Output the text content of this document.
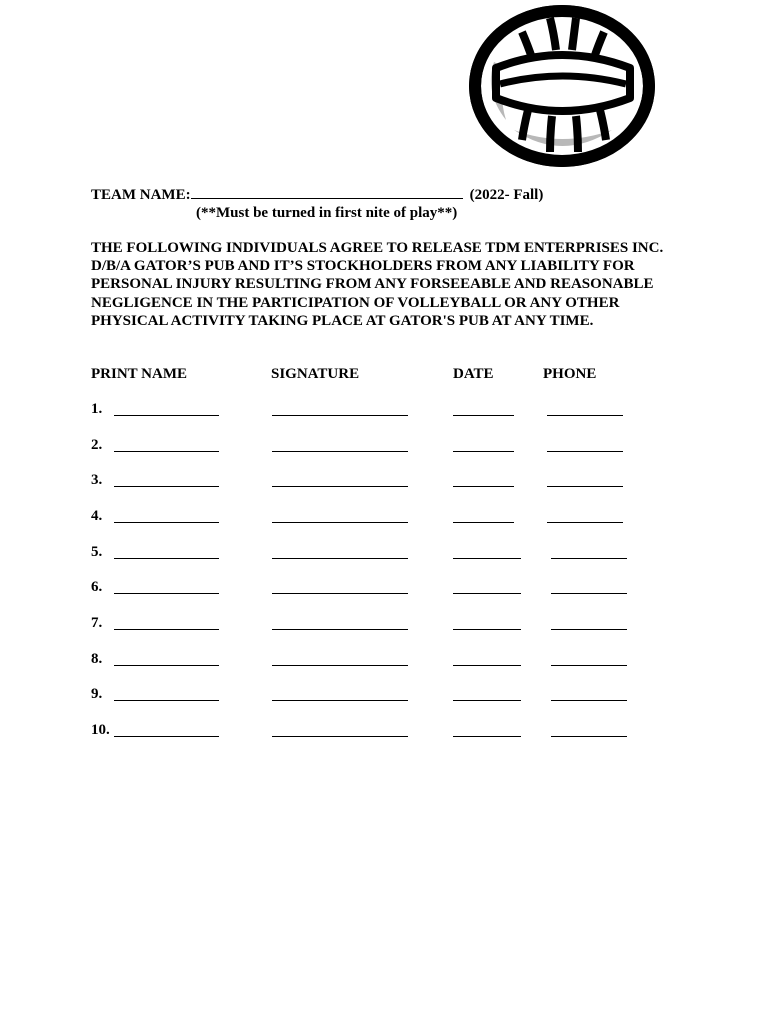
TEAM NAME:	(2022- Fall)
(**Must be turned in first nite of play**)

THE FOLLOWING INDIVIDUALS AGREE TO RELEASE TDM ENTERPRISES INC.
D/B/A GATOR’S PUB AND IT’S STOCKHOLDERS FROM ANY LIABILITY FOR
PERSONAL INJURY RESULTING FROM ANY FORSEEABLE AND REASONABLE
NEGLIGENCE IN THE PARTICIPATION OF VOLLEYBALL OR ANY OTHER
PHYSICAL ACTIVITY TAKING PLACE AT GATOR'S PUB AT ANY TIME.

PRINT NAME	SIGNATURE	DATE	PHONE
1.
2.
3.
4.
5.
6.
7.
8.
9.
10.
